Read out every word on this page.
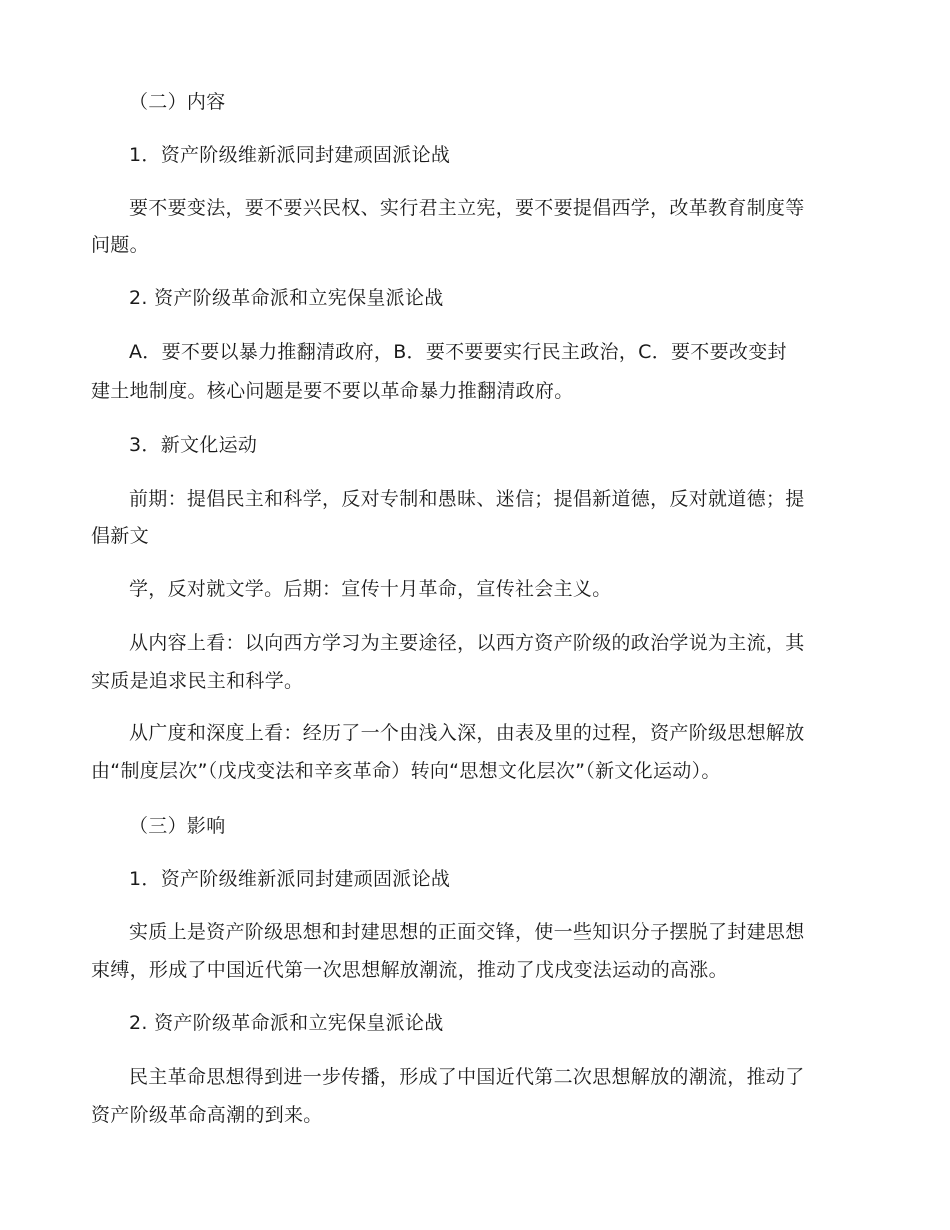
（二）内容
1．资产阶级维新派同封建顽固派论战
要不要变法，要不要兴民权、实行君主立宪，要不要提倡西学，改革教育制度等
问题。
2. 资产阶级革命派和立宪保皇派论战
A．要不要以暴力推翻清政府，B．要不要要实行民主政治，C．要不要改变封
建土地制度。核心问题是要不要以革命暴力推翻清政府。
3．新文化运动
前期：提倡民主和科学，反对专制和愚昧、迷信；提倡新道德，反对就道德；提
倡新文
学，反对就文学。后期：宣传十月革命，宣传社会主义。
从内容上看：以向西方学习为主要途径，以西方资产阶级的政治学说为主流，其
实质是追求民主和科学。
从广度和深度上看：经历了一个由浅入深，由表及里的过程，资产阶级思想解放
由“制度层次”（戊戌变法和辛亥革命）转向“思想文化层次”（新文化运动）。
（三）影响
1．资产阶级维新派同封建顽固派论战
实质上是资产阶级思想和封建思想的正面交锋，使一些知识分子摆脱了封建思想
束缚，形成了中国近代第一次思想解放潮流，推动了戊戌变法运动的高涨。
2. 资产阶级革命派和立宪保皇派论战
民主革命思想得到进一步传播，形成了中国近代第二次思想解放的潮流，推动了
资产阶级革命高潮的到来。
